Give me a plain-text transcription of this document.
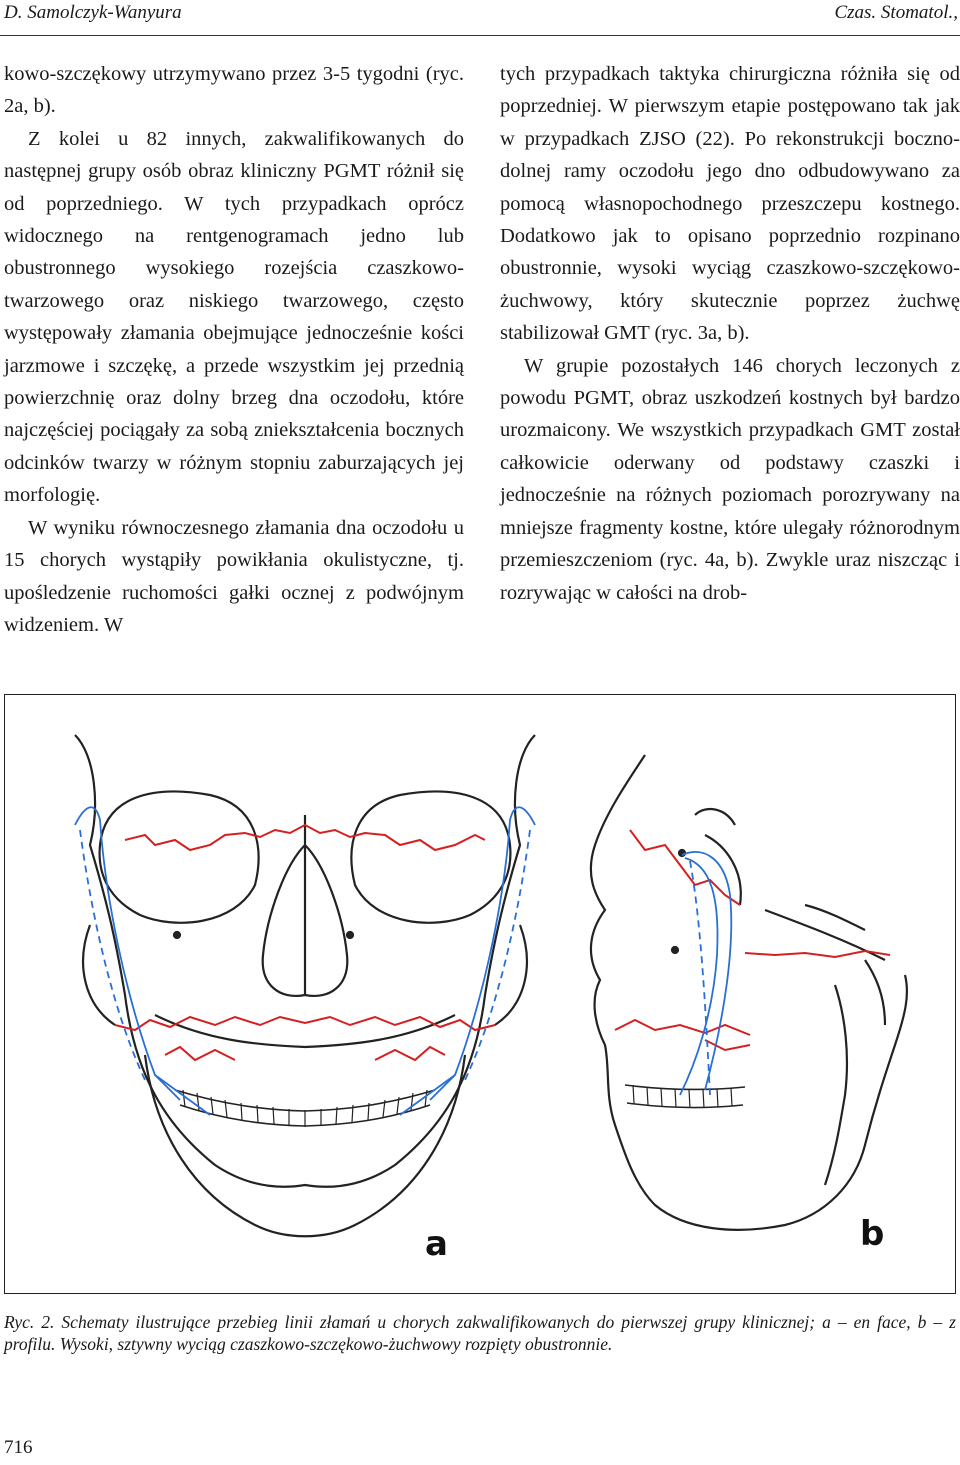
D. Samolczyk-Wanyura	Czas. Stomatol.,

kowo-szczękowy utrzymywano przez 3-5 tygodni (ryc. 2a, b).

Z kolei u 82 innych, zakwalifikowanych do następnej grupy osób obraz kliniczny PGMT różnił się od poprzedniego. W tych przypadkach oprócz widocznego na rentgenogramach jedno lub obustronnego wysokiego rozejścia czaszkowo-twarzowego oraz niskiego twarzowego, często występowały złamania obejmujące jednocześnie kości jarzmowe i szczękę, a przede wszystkim jej przednią powierzchnię oraz dolny brzeg dna oczodołu, które najczęściej pociągały za sobą zniekształcenia bocznych odcinków twarzy w różnym stopniu zaburzających jej morfologię.

W wyniku równoczesnego złamania dna oczodołu u 15 chorych wystąpiły powikłania okulistyczne, tj. upośledzenie ruchomości gałki ocznej z podwójnym widzeniem. W

tych przypadkach taktyka chirurgiczna różniła się od poprzedniej. W pierwszym etapie postępowano tak jak w przypadkach ZJSO (22). Po rekonstrukcji boczno-dolnej ramy oczodołu jego dno odbudowywano za pomocą własnopochodnego przeszczepu kostnego. Dodatkowo jak to opisano poprzednio rozpinano obustronnie, wysoki wyciąg czaszkowo-szczękowo-żuchwowy, który skutecznie poprzez żuchwę stabilizował GMT (ryc. 3a, b).

W grupie pozostałych 146 chorych leczonych z powodu PGMT, obraz uszkodzeń kostnych był bardzo urozmaicony. We wszystkich przypadkach GMT został całkowicie oderwany od podstawy czaszki i jednocześnie na różnych poziomach porozrywany na mniejsze fragmenty kostne, które ulegały różnorodnym przemieszczeniom (ryc. 4a, b). Zwykle uraz niszcząc i rozrywając w całości na drob-

a	b
Ryc. 2. Schematy ilustrujące przebieg linii złamań u chorych zakwalifikowanych do pierwszej grupy klinicznej; a – en face, b – z profilu. Wysoki, sztywny wyciąg czaszkowo-szczękowo-żuchwowy rozpięty obustronnie.
716
